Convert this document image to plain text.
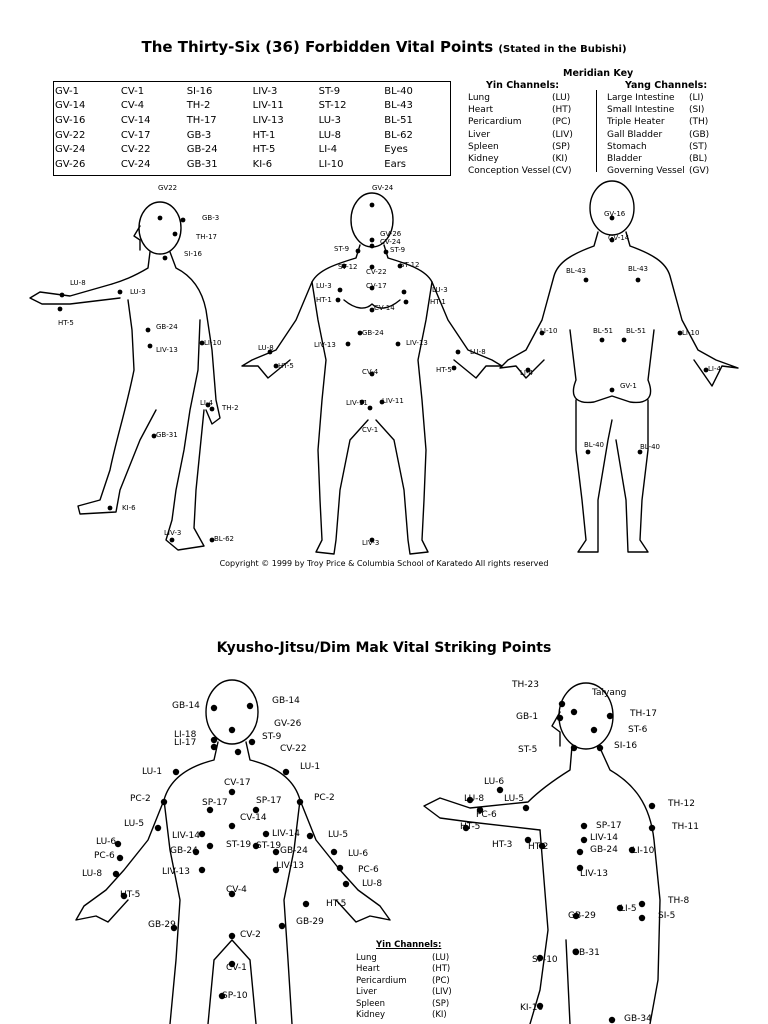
The Thirty-Six (36) Forbidden Vital Points (Stated in the Bubishi)
GV-1	CV-1	SI-16	LIV-3	ST-9	BL-40
GV-14	CV-4	TH-2	LIV-11	ST-12	BL-43
GV-16	CV-14	TH-17	LIV-13	LU-3	BL-51
GV-22	CV-17	GB-3	HT-1	LU-8	BL-62
GV-24	CV-22	GB-24	HT-5	LI-4	Eyes
GV-26	CV-24	GB-31	KI-6	LI-10	Ears
Meridian Key
Yin Channels:	Yang Channels:
Lung	(LU)
Heart	(HT)
Pericardium	(PC)
Liver	(LIV)
Spleen	(SP)
Kidney	(KI)
Conception Vessel	(CV)
Large Intestine	(LI)
Small Intestine	(SI)
Triple Heater	(TH)
Gall Bladder	(GB)
Stomach	(ST)
Bladder	(BL)
Governing Vessel	(GV)
GV22
GB-3
TH-17
SI-16
LU-8
LU-3
HT-5	GB-24
LIV-13
LI-10
LI-4
TH-2
GB-31
KI-6
LIV-3
BL-62
GV-24
GV-26
CV-24
ST-9	ST-9
ST-12
CV-22
ST-12
CV-17
LU-3
HT-1
CV-14
LU-3
HT-1
GB-24
LIV-13	LIV-13
LU-8	LU-8
HT-5	HT-5
CV-4
LIV-11 LIV-11
CV-1
LIV-3
GV-16
GV-14
BL-43	BL-43
LI-10	BL-51 BL-51	LI-10
LI-4
GV-1
LI-4
BL-40	BL-40
GB-14	GB-14
GV-26
LI-18	ST-9
LI-17
CV-22
LU-1	LU-1
CV-17
PC-2	PC-2
SP-17	SP-17
CV-14
LU-5
LU-5
LIV-14	LIV-14
ST-19 ST-19
LU-6
GB-24	GB-24	LU-6
PC-6
LIV-13
LIV-13	PC-6
LU-8
LU-8
CV-4
HT-5
HT-5
GB-29	GB-29
CV-2
CV-1
SP-10
TH-23
Taiyang
TH-17
GB-1
ST-6
ST-5	SI-16
LU-6
LU-8 LU-5
PC-6
HT-5
TH-12
SP-17	TH-11
HT-3 HT-2
LIV-14
GB-24 LI-10
LIV-13
TH-8
LI-5
SI-5
GB-29
GB-31
SP-10
KI-10
GB-34
Copyright © 1999 by Troy Price & Columbia School of Karatedo All rights reserved
Kyusho-Jitsu/Dim Mak Vital Striking Points
Yin Channels:
Lung	(LU)
Heart	(HT)
Pericardium	(PC)
Liver	(LIV)
Spleen	(SP)
Kidney	(KI)
